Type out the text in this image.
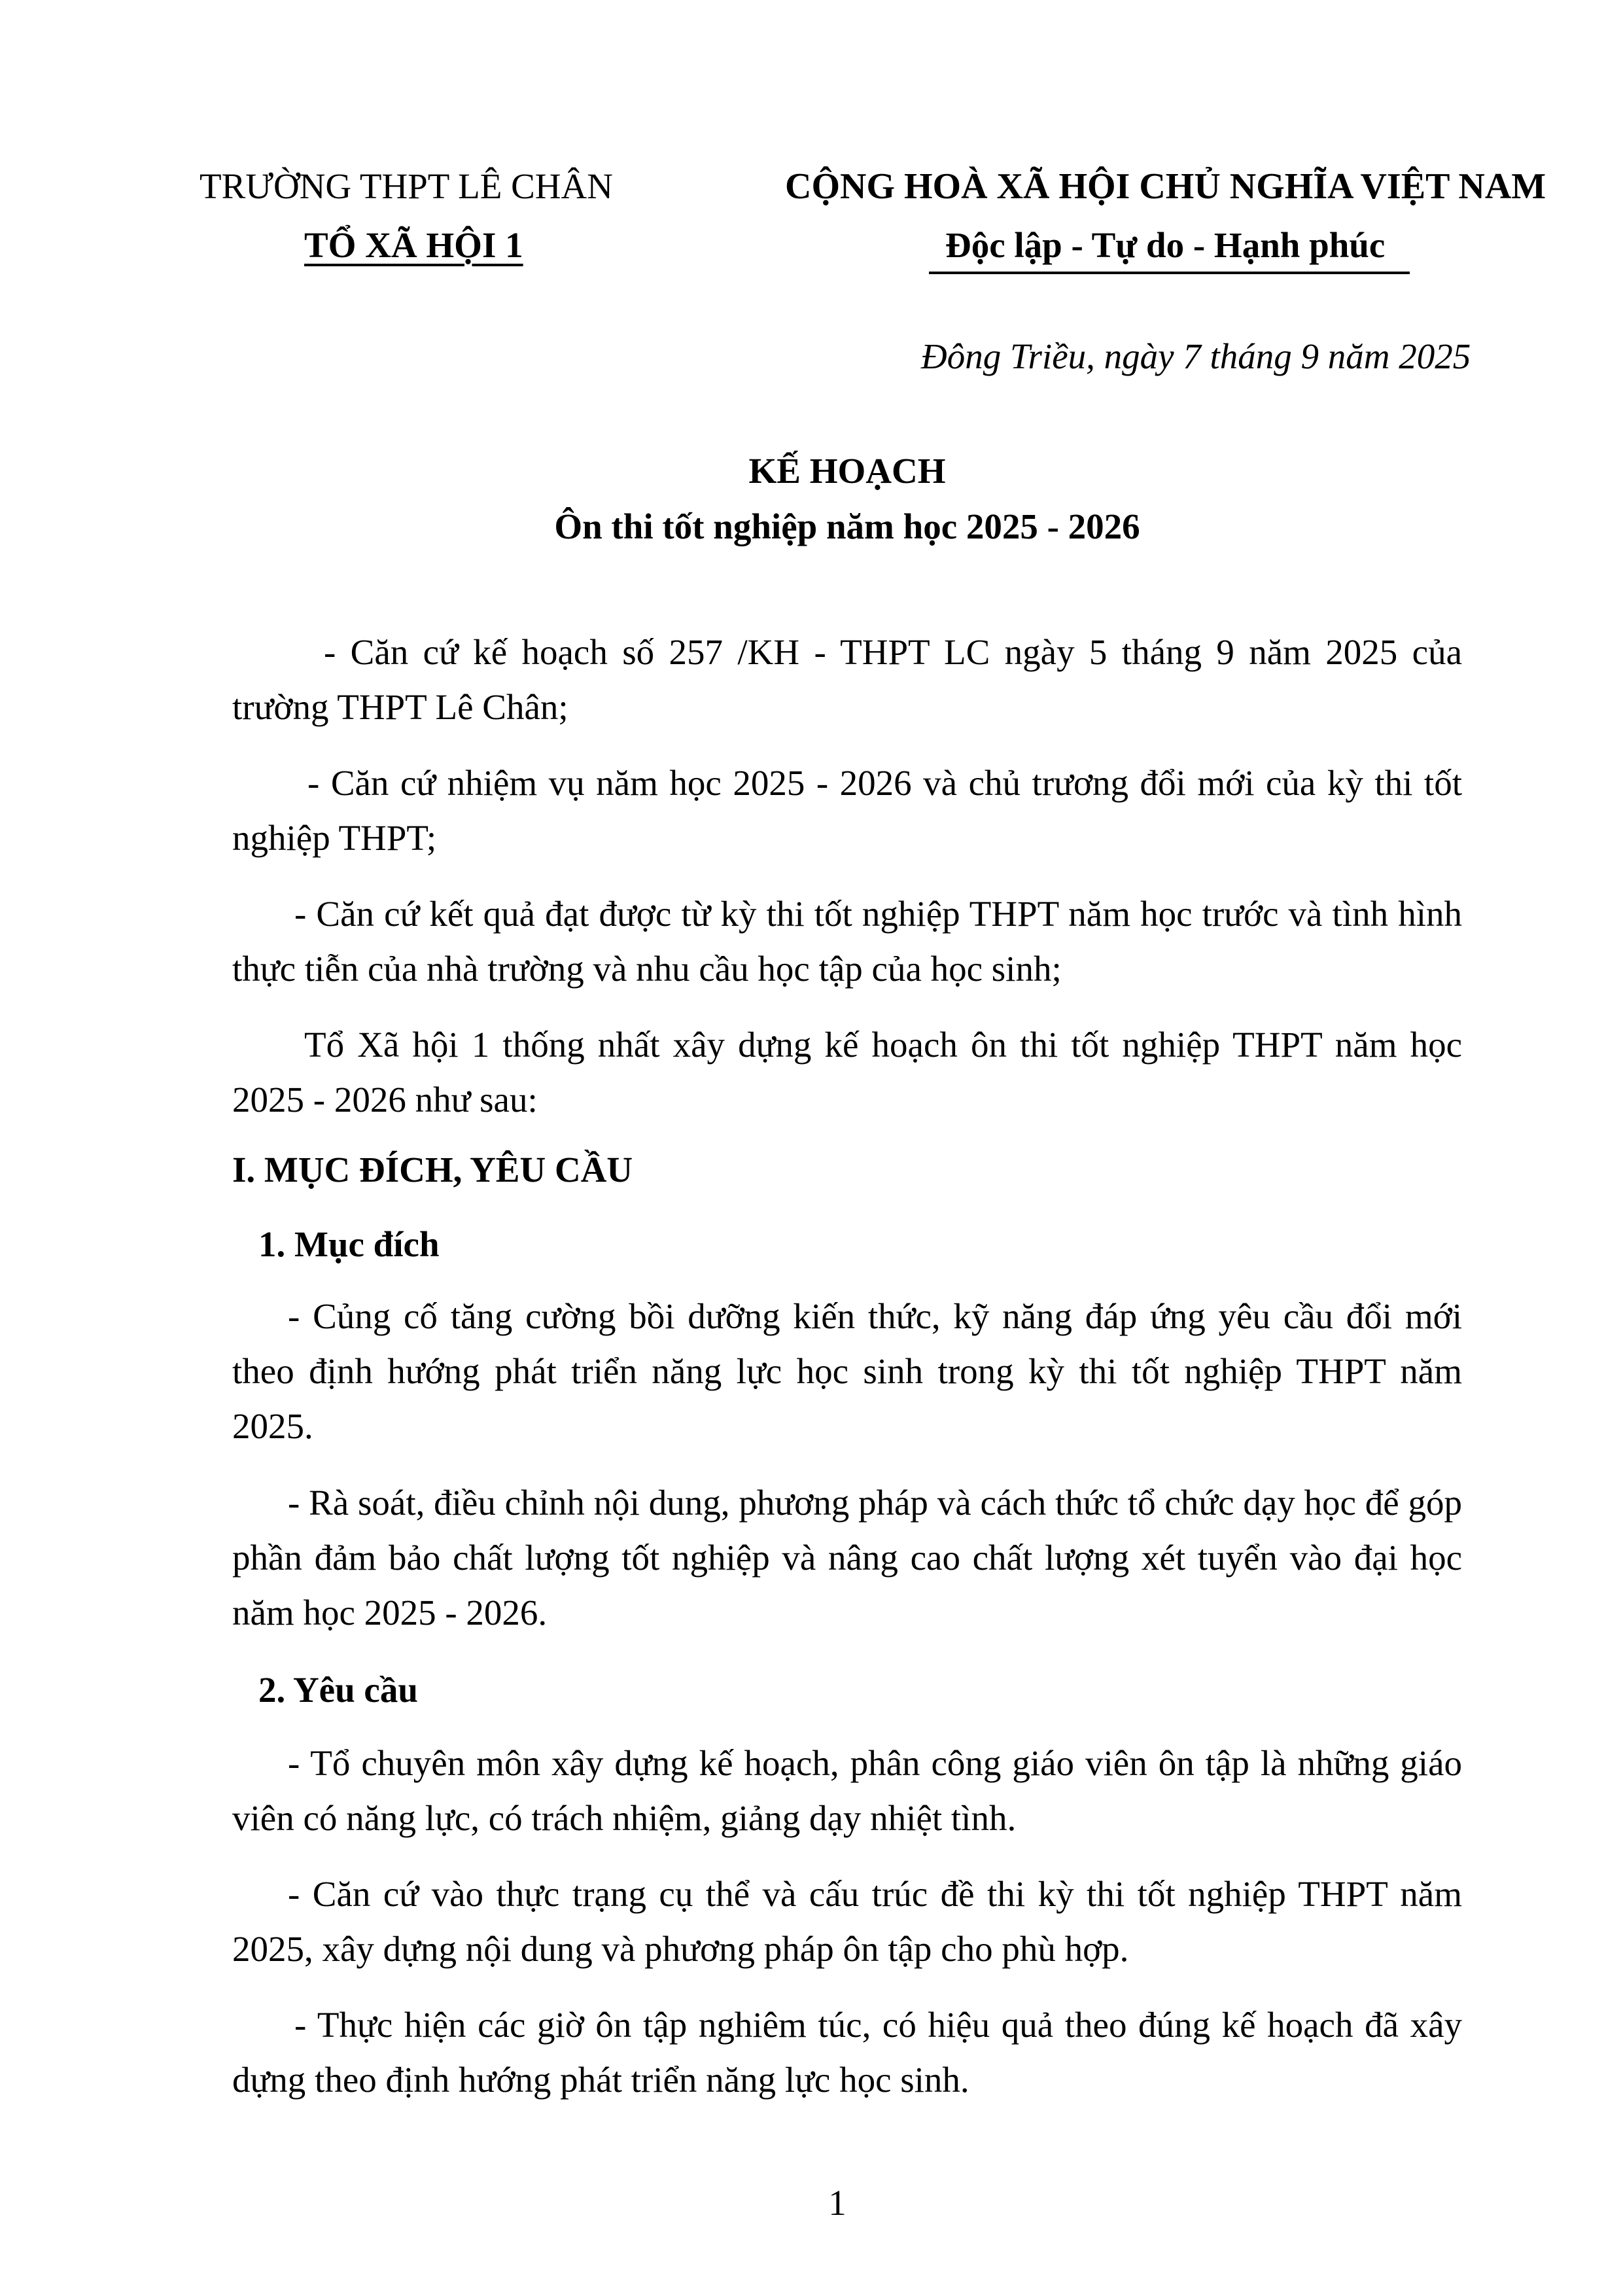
TRƯỜNG THPT LÊ CHÂN
TỔ XÃ HỘI 1
CỘNG HOÀ XÃ HỘI CHỦ NGHĨA VIỆT NAM
Độc lập - Tự do - Hạnh phúc
Đông Triều, ngày 7 tháng 9 năm 2025
KẾ HOẠCH
Ôn thi tốt nghiệp năm học 2025 - 2026
- Căn cứ kế hoạch số 257 /KH - THPT LC ngày 5 tháng 9 năm 2025 của trường THPT Lê Chân;
- Căn cứ nhiệm vụ năm học 2025 - 2026 và chủ trương đổi mới của kỳ thi tốt nghiệp THPT;
- Căn cứ kết quả đạt được từ kỳ thi tốt nghiệp THPT năm học trước và tình hình thực tiễn của nhà trường và nhu cầu học tập của học sinh;
Tổ Xã hội 1 thống nhất xây dựng kế hoạch ôn thi tốt nghiệp THPT năm học 2025 - 2026 như sau:
I. MỤC ĐÍCH, YÊU CẦU
1. Mục đích
- Củng cố tăng cường bồi dưỡng kiến thức, kỹ năng đáp ứng yêu cầu đổi mới theo định hướng phát triển năng lực học sinh trong kỳ thi tốt nghiệp THPT năm 2025.
- Rà soát, điều chỉnh nội dung, phương pháp và cách thức tổ chức dạy học để góp phần đảm bảo chất lượng tốt nghiệp và nâng cao chất lượng xét tuyển vào đại học năm học 2025 - 2026.
2. Yêu cầu
- Tổ chuyên môn xây dựng kế hoạch, phân công giáo viên ôn tập là những giáo viên có năng lực, có trách nhiệm, giảng dạy nhiệt tình.
- Căn cứ vào thực trạng cụ thể và cấu trúc đề thi kỳ thi tốt nghiệp THPT năm 2025, xây dựng nội dung và phương pháp ôn tập cho phù hợp.
- Thực hiện các giờ ôn tập nghiêm túc, có hiệu quả theo đúng kế hoạch đã xây dựng theo định hướng phát triển năng lực học sinh.
1
